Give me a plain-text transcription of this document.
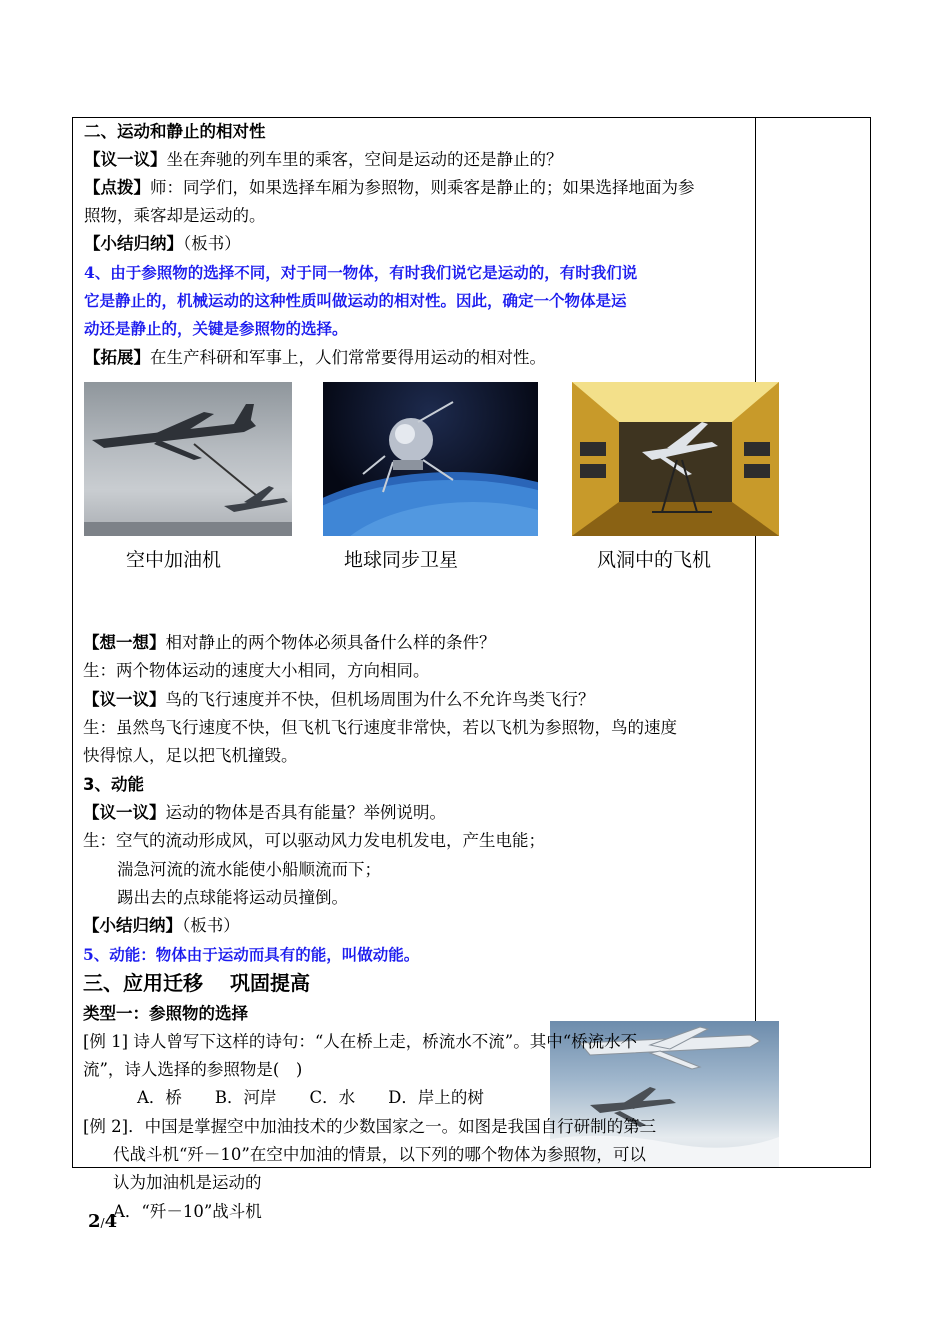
二、运动和静止的相对性
【议一议】坐在奔驰的列车里的乘客，空间是运动的还是静止的？
【点拨】师：同学们，如果选择车厢为参照物，则乘客是静止的；如果选择地面为参
照物，乘客却是运动的。
【小结归纳】（板书）
4、由于参照物的选择不同，对于同一物体，有时我们说它是运动的，有时我们说
它是静止的，机械运动的这种性质叫做运动的相对性。因此，确定一个物体是运
动还是静止的，关键是参照物的选择。
【拓展】在生产科研和军事上，人们常常要得用运动的相对性。
空中加油机	地球同步卫星	风洞中的飞机
【想一想】相对静止的两个物体必须具备什么样的条件？
生：两个物体运动的速度大小相同，方向相同。
【议一议】鸟的飞行速度并不快，但机场周围为什么不允许鸟类飞行？
生：虽然鸟飞行速度不快，但飞机飞行速度非常快，若以飞机为参照物，鸟的速度
快得惊人，足以把飞机撞毁。
3、动能
【议一议】运动的物体是否具有能量？举例说明。
生：空气的流动形成风，可以驱动风力发电机发电，产生电能；
湍急河流的流水能使小船顺流而下；
踢出去的点球能将运动员撞倒。
【小结归纳】（板书）
5、动能：物体由于运动而具有的能，叫做动能。
三、应用迁移　 巩固提高
类型一：参照物的选择
[例 1] 诗人曾写下这样的诗句：“人在桥上走，桥流水不流”。其中“桥流水不
流”，诗人选择的参照物是(　)
A．桥　　B．河岸　　C．水　　D．岸上的树
[例 2]．中国是掌握空中加油技术的少数国家之一。如图是我国自行研制的第三
代战斗机“歼－10”在空中加油的情景，以下列的哪个物体为参照物，可以
认为加油机是运动的
A．“歼－10”战斗机
2/4
